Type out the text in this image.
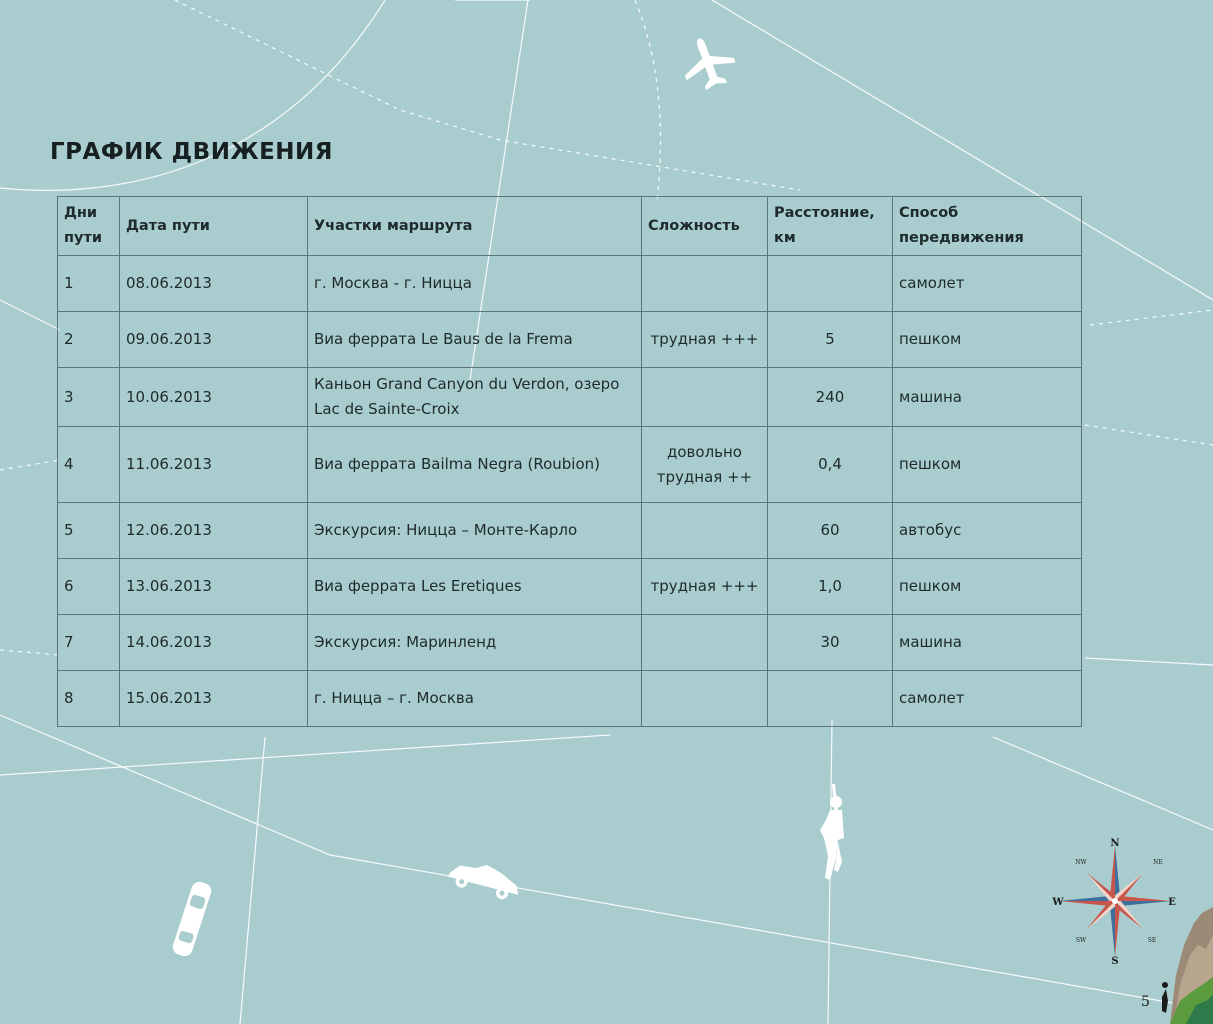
ГРАФИК ДВИЖЕНИЯ
Дни пути	Дата пути	Участки маршрута	Сложность	Расстояние, км	Способ передвижения
1	08.06.2013	г. Москва - г. Ницца			самолет
2	09.06.2013	Виа феррата Le Baus de la Frema	трудная +++	5	пешком
3	10.06.2013	Каньон Grand Canyon du Verdon, озеро Lac de Sainte-Croix		240	машина
4	11.06.2013	Виа феррата Bailma Negra (Roubion)	довольно трудная ++	0,4	пешком
5	12.06.2013	Экскурсия: Ницца – Монте-Карло		60	автобус
6	13.06.2013	Виа феррата Les Eretiques	трудная +++	1,0	пешком
7	14.06.2013	Экскурсия: Маринленд		30	машина
8	15.06.2013	г. Ницца – г. Москва			самолет
N
S
E
W
NE
NW
SE
SW
5
